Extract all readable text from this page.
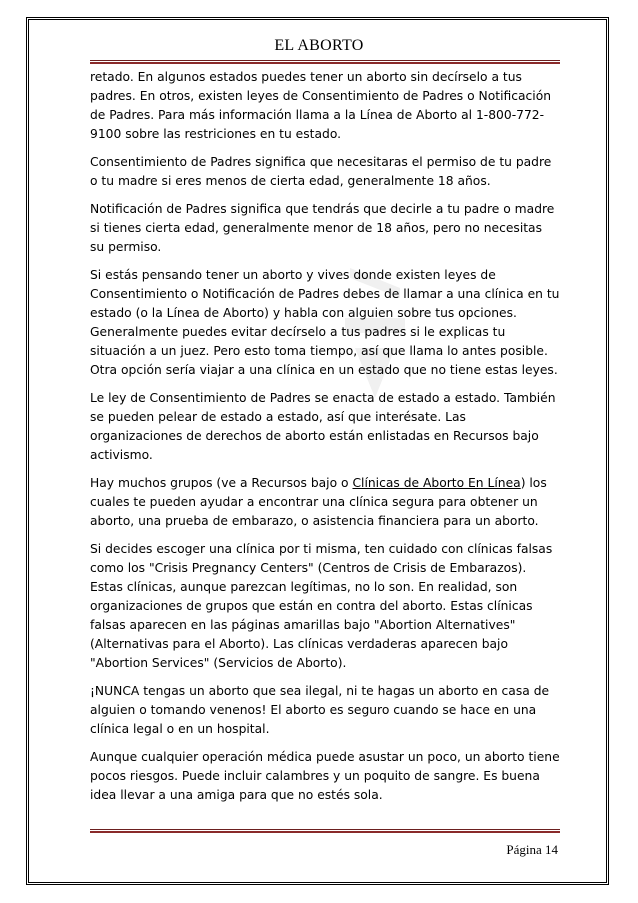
EL ABORTO

retado. En algunos estados puedes tener un aborto sin decírselo a tus padres. En otros, existen leyes de Consentimiento de Padres o Notificación de Padres. Para más información llama a la Línea de Aborto al 1-800-772-9100 sobre las restriciones en tu estado.

Consentimiento de Padres significa que necesitaras el permiso de tu padre o tu madre si eres menos de cierta edad, generalmente 18 años.

Notificación de Padres significa que tendrás que decirle a tu padre o madre si tienes cierta edad, generalmente menor de 18 años, pero no necesitas su permiso.

Si estás pensando tener un aborto y vives donde existen leyes de Consentimiento o Notificación de Padres debes de llamar a una clínica en tu estado (o la Línea de Aborto) y habla con alguien sobre tus opciones. Generalmente puedes evitar decírselo a tus padres si le explicas tu situación a un juez. Pero esto toma tiempo, así que llama lo antes posible. Otra opción sería viajar a una clínica en un estado que no tiene estas leyes.

Le ley de Consentimiento de Padres se enacta de estado a estado. También se pueden pelear de estado a estado, así que interésate. Las organizaciones de derechos de aborto están enlistadas en Recursos bajo activismo.

Hay muchos grupos (ve a Recursos bajo o Clínicas de Aborto En Línea) los cuales te pueden ayudar a encontrar una clínica segura para obtener un aborto, una prueba de embarazo, o asistencia financiera para un aborto.

Si decides escoger una clínica por ti misma, ten cuidado con clínicas falsas como los "Crisis Pregnancy Centers" (Centros de Crisis de Embarazos). Estas clínicas, aunque parezcan legítimas, no lo son. En realidad, son organizaciones de grupos que están en contra del aborto. Estas clínicas falsas aparecen en las páginas amarillas bajo "Abortion Alternatives" (Alternativas para el Aborto). Las clínicas verdaderas aparecen bajo "Abortion Services" (Servicios de Aborto).

¡NUNCA tengas un aborto que sea ilegal, ni te hagas un aborto en casa de alguien o tomando venenos! El aborto es seguro cuando se hace en una clínica legal o en un hospital.

Aunque cualquier operación médica puede asustar un poco, un aborto tiene pocos riesgos. Puede incluir calambres y un poquito de sangre. Es buena idea llevar a una amiga para que no estés sola.

Página 14
